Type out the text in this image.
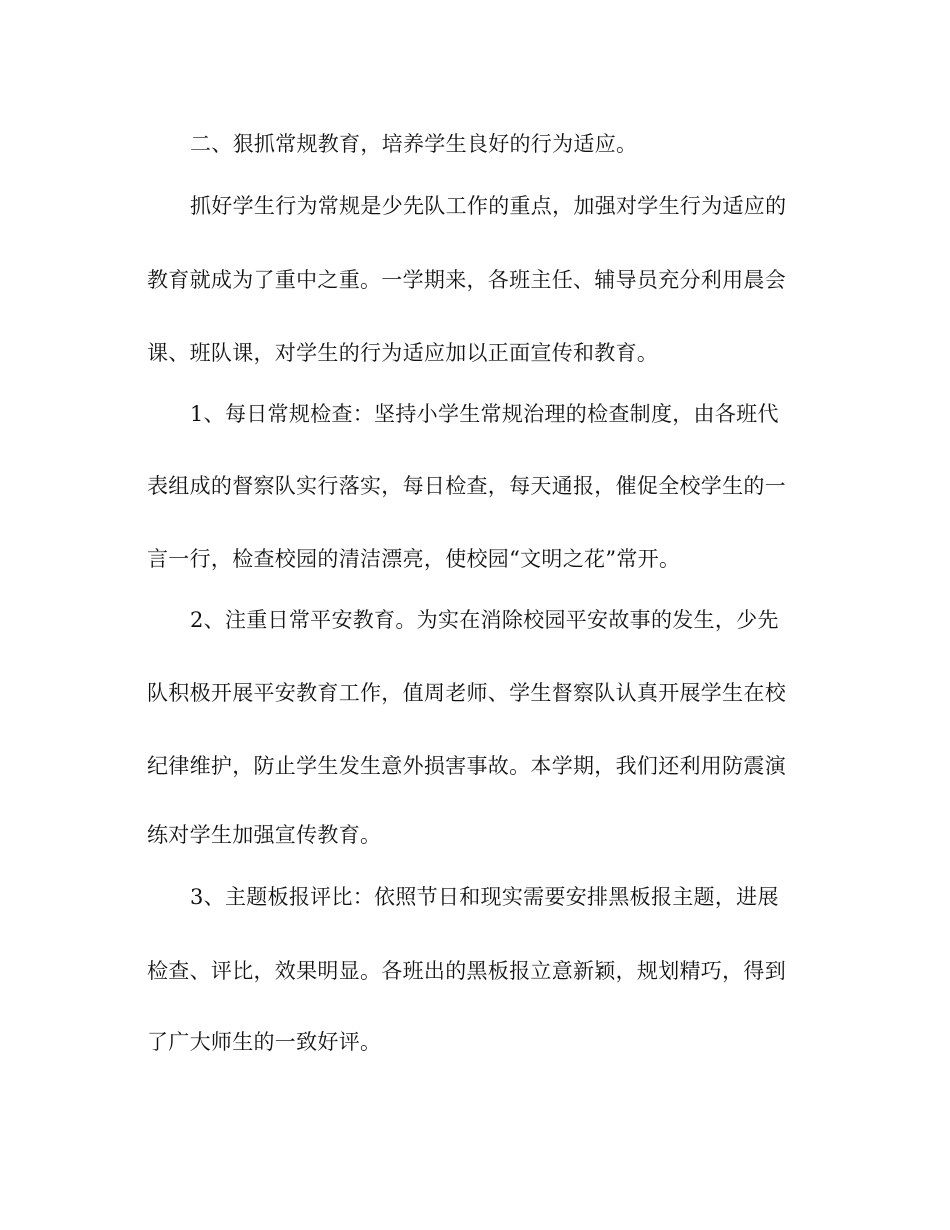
二、狠抓常规教育，培养学生良好的行为适应。
抓好学生行为常规是少先队工作的重点，加强对学生行为适应的
教育就成为了重中之重。一学期来，各班主任、辅导员充分利用晨会
课、班队课，对学生的行为适应加以正面宣传和教育。
1、每日常规检查：坚持小学生常规治理的检查制度，由各班代
表组成的督察队实行落实，每日检查，每天通报，催促全校学生的一
言一行，检查校园的清洁漂亮，使校园“文明之花”常开。
2、注重日常平安教育。为实在消除校园平安故事的发生，少先
队积极开展平安教育工作，值周老师、学生督察队认真开展学生在校
纪律维护，防止学生发生意外损害事故。本学期，我们还利用防震演
练对学生加强宣传教育。
3、主题板报评比：依照节日和现实需要安排黑板报主题，进展
检查、评比，效果明显。各班出的黑板报立意新颖，规划精巧，得到
了广大师生的一致好评。
